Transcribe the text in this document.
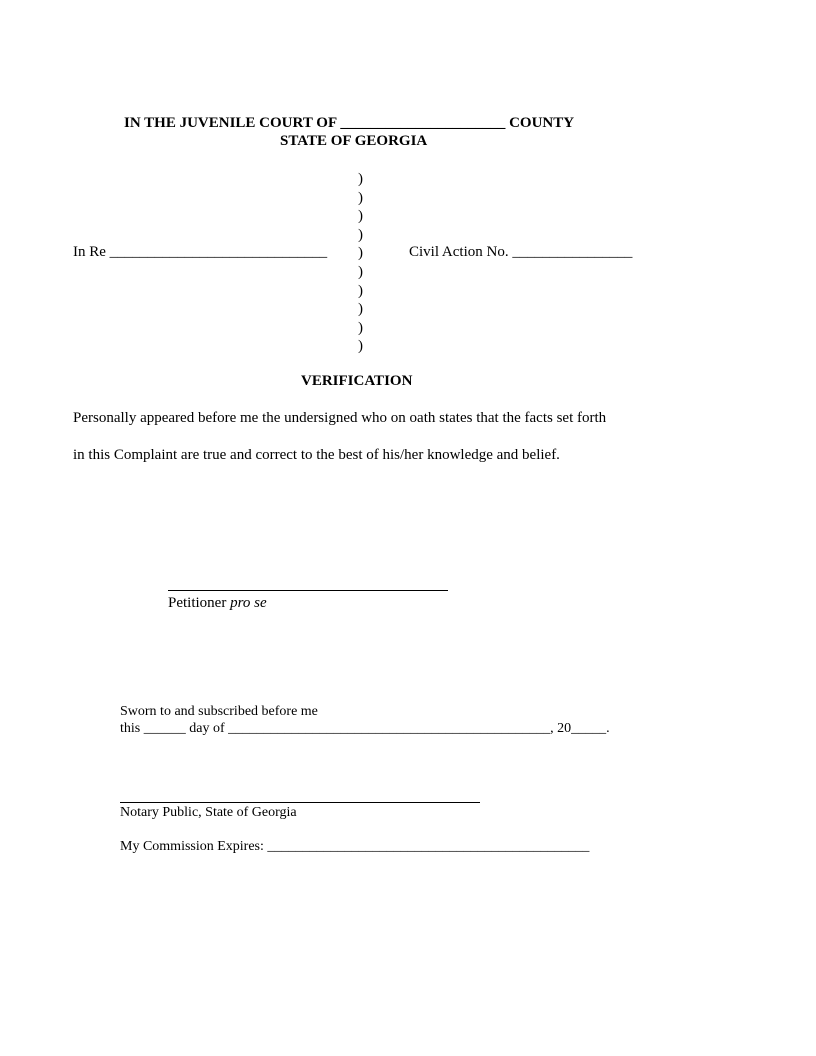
IN THE JUVENILE COURT OF ______________________ COUNTY
STATE OF GEORGIA
)
)
)
)
)
)
)
)
)
)
In Re _____________________________	Civil Action No. ________________
VERIFICATION
Personally appeared before me the undersigned who on oath states that the facts set forth
in this Complaint are true and correct to the best of his/her knowledge and belief.
Petitioner pro se
Sworn to and subscribed before me
this ______ day of ______________________________________________, 20_____.
Notary Public, State of Georgia
My Commission Expires: ______________________________________________
